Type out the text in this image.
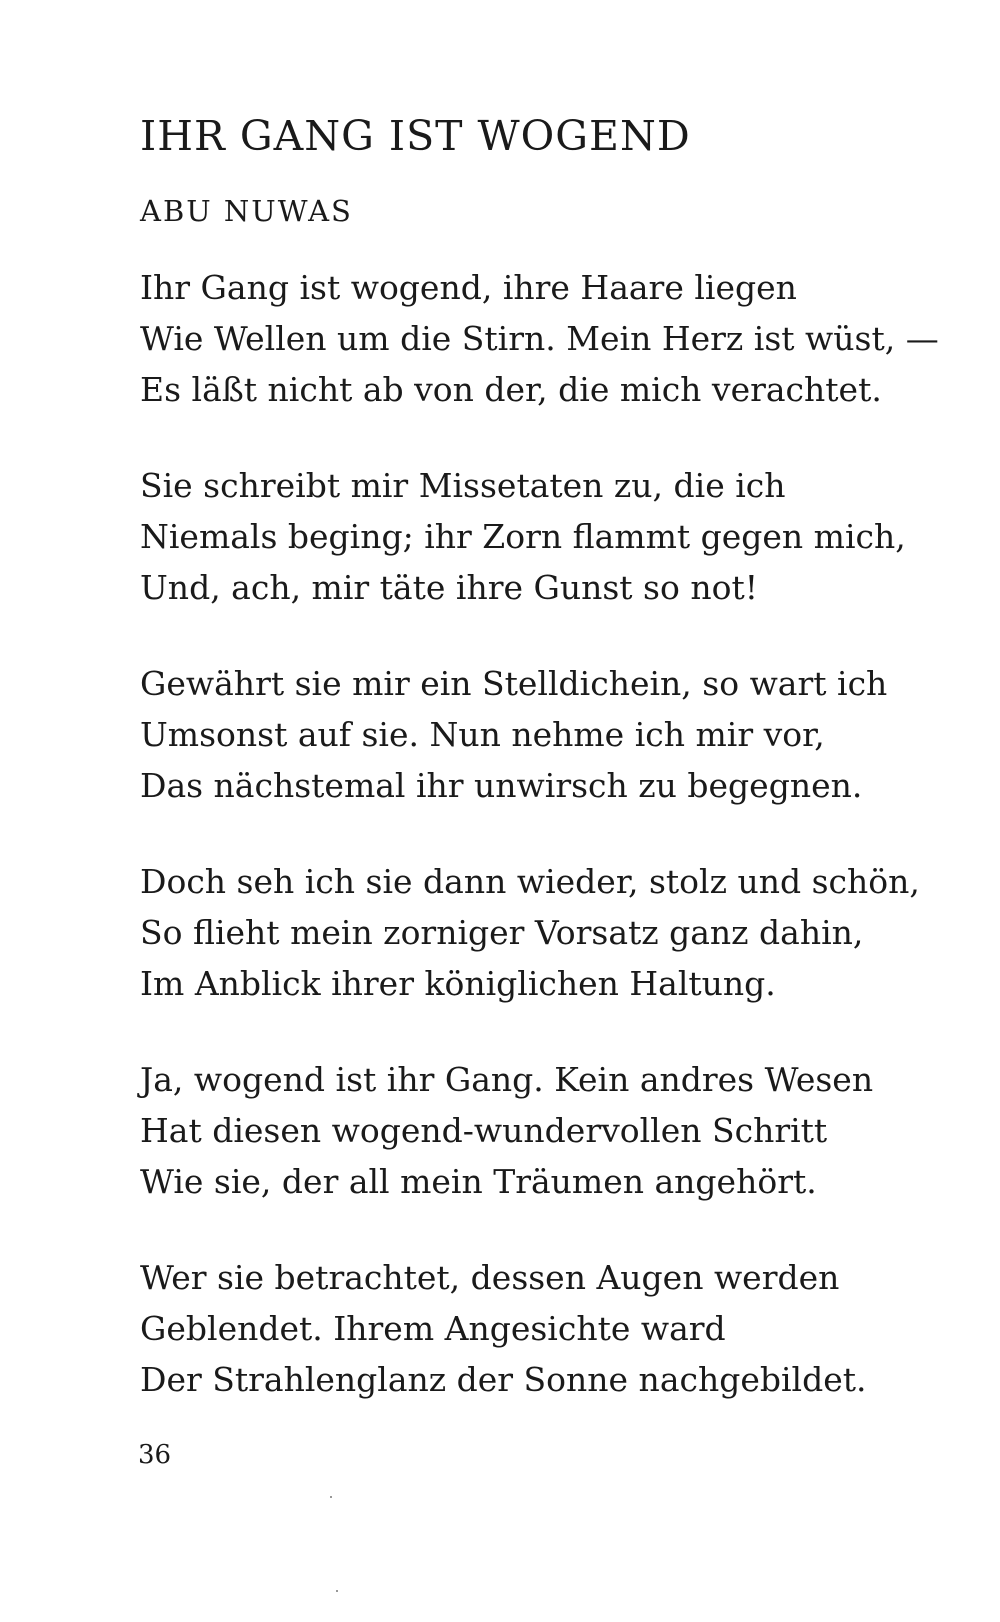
IHR GANG IST WOGEND
ABU NUWAS
Ihr Gang ist wogend, ihre Haare liegen
Wie Wellen um die Stirn. Mein Herz ist wüst, —
Es läßt nicht ab von der, die mich verachtet.
Sie schreibt mir Missetaten zu, die ich
Niemals beging; ihr Zorn flammt gegen mich,
Und, ach, mir täte ihre Gunst so not!
Gewährt sie mir ein Stelldichein, so wart ich
Umsonst auf sie. Nun nehme ich mir vor,
Das nächstemal ihr unwirsch zu begegnen.
Doch seh ich sie dann wieder, stolz und schön,
So flieht mein zorniger Vorsatz ganz dahin,
Im Anblick ihrer königlichen Haltung.
Ja, wogend ist ihr Gang. Kein andres Wesen
Hat diesen wogend-wundervollen Schritt
Wie sie, der all mein Träumen angehört.
Wer sie betrachtet, dessen Augen werden
Geblendet. Ihrem Angesichte ward
Der Strahlenglanz der Sonne nachgebildet.
36
